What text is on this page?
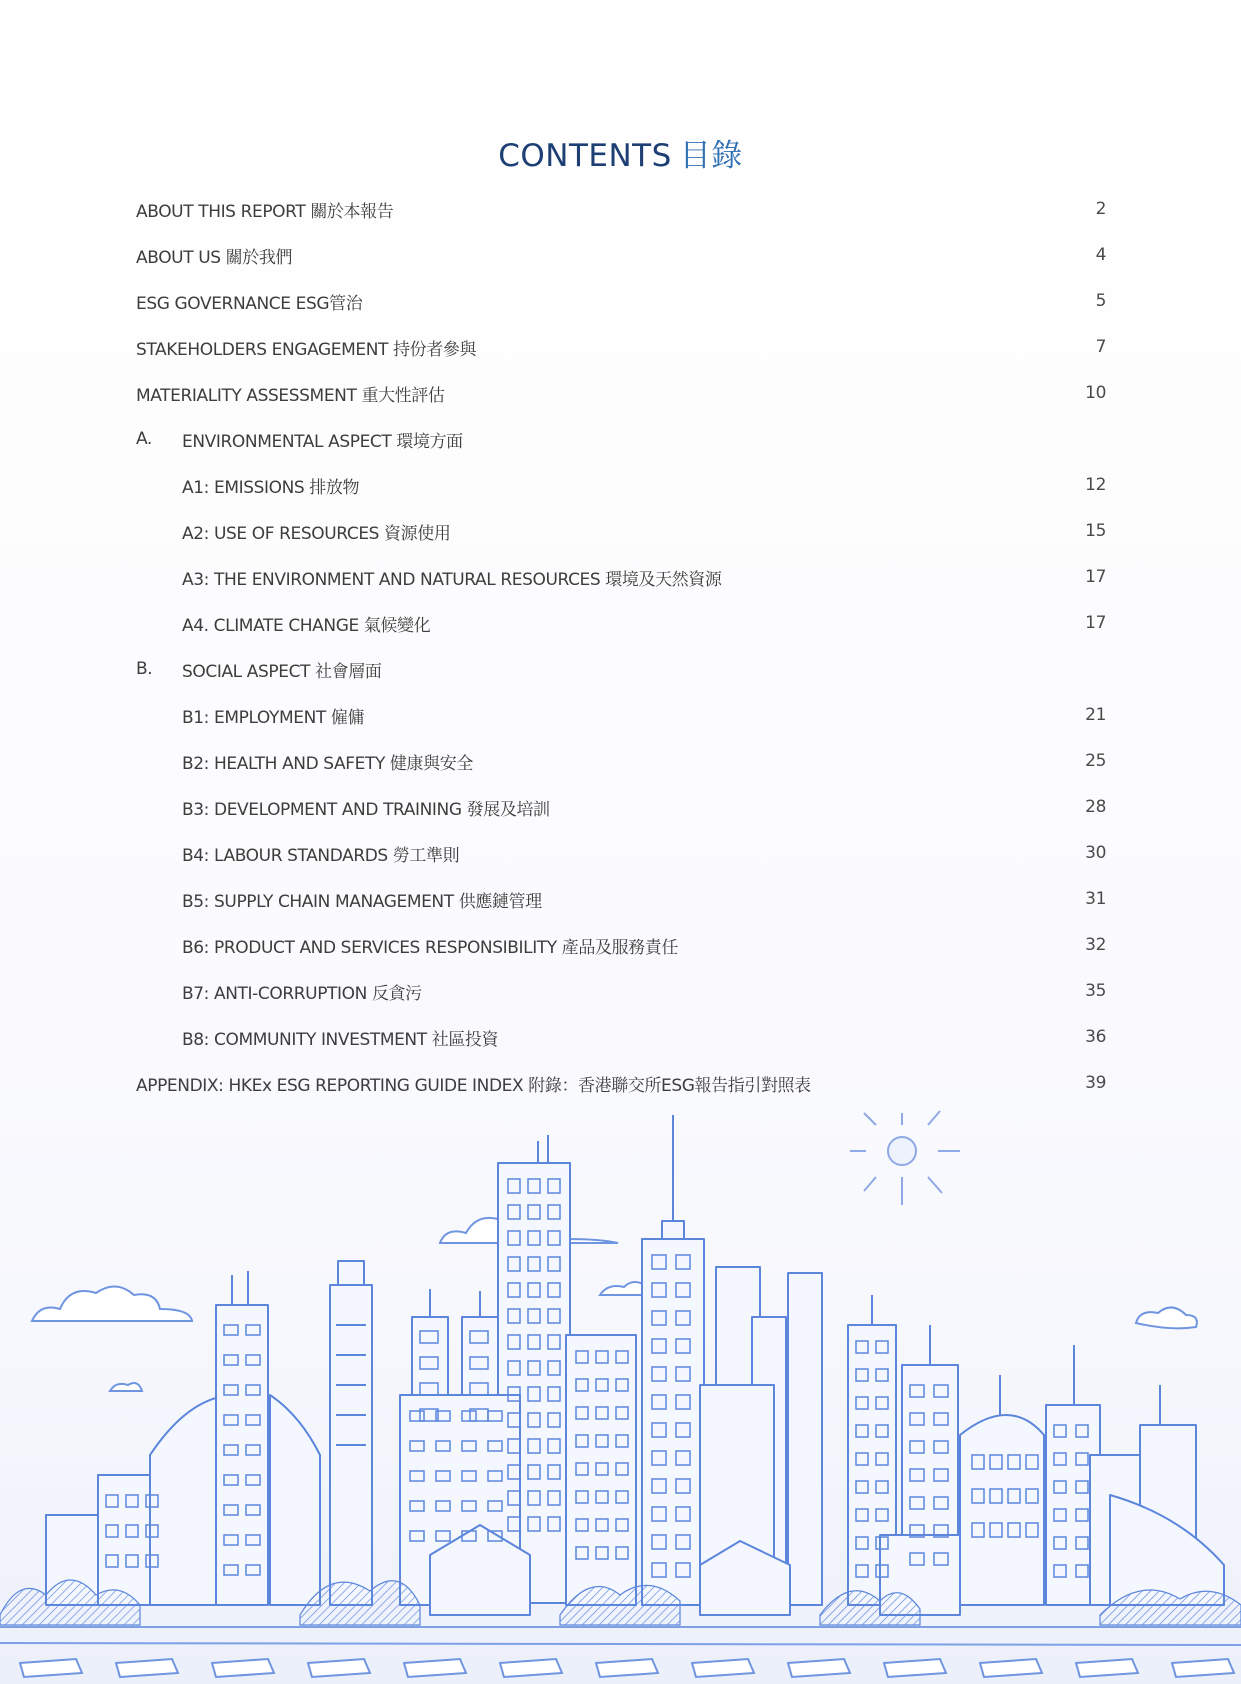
CONTENTS 目錄
ABOUT THIS REPORT 關於本報告	2
ABOUT US 關於我們	4
ESG GOVERNANCE ESG管治	5
STAKEHOLDERS ENGAGEMENT 持份者參與	7
MATERIALITY ASSESSMENT 重大性評估	10
A.	ENVIRONMENTAL ASPECT 環境方面
A1: EMISSIONS 排放物	12
A2: USE OF RESOURCES 資源使用	15
A3: THE ENVIRONMENT AND NATURAL RESOURCES 環境及天然資源	17
A4. CLIMATE CHANGE 氣候變化	17
B.	SOCIAL ASPECT 社會層面
B1: EMPLOYMENT 僱傭	21
B2: HEALTH AND SAFETY 健康與安全	25
B3: DEVELOPMENT AND TRAINING 發展及培訓	28
B4: LABOUR STANDARDS 勞工準則	30
B5: SUPPLY CHAIN MANAGEMENT 供應鏈管理	31
B6: PRODUCT AND SERVICES RESPONSIBILITY 產品及服務責任	32
B7: ANTI-CORRUPTION 反貪污	35
B8: COMMUNITY INVESTMENT 社區投資	36
APPENDIX: HKEx ESG REPORTING GUIDE INDEX 附錄：香港聯交所ESG報告指引對照表	39
